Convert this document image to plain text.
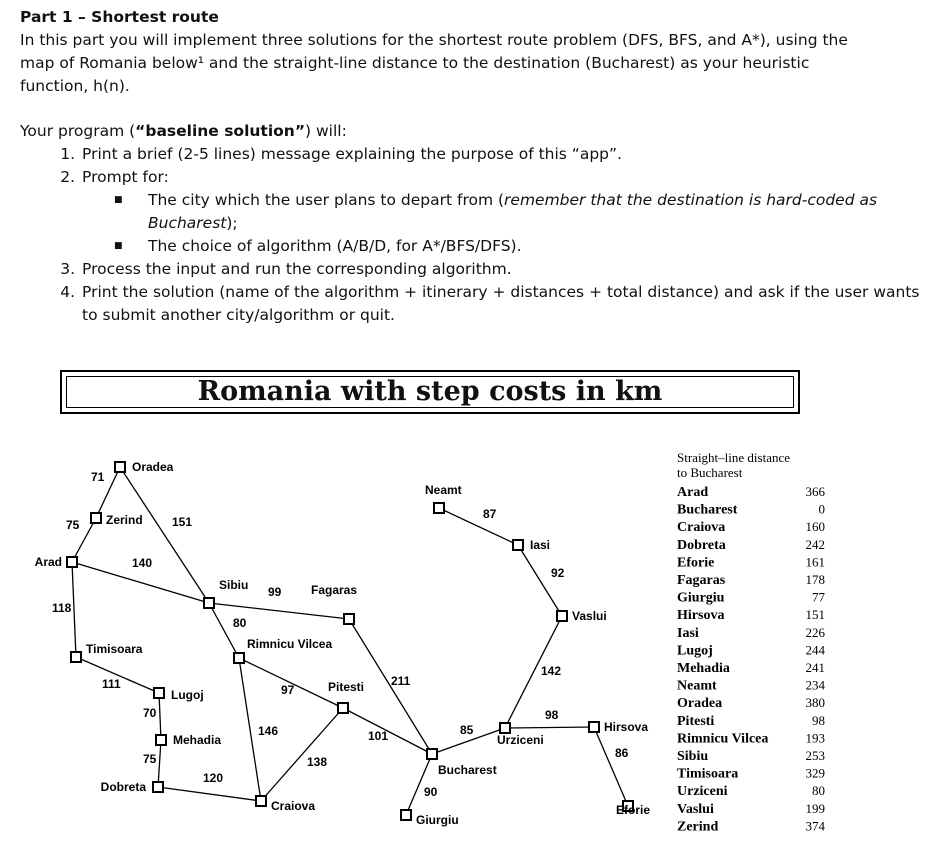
Part 1 – Shortest route

In this part you will implement three solutions for the shortest route problem (DFS, BFS, and A*), using the map of Romania below¹ and the straight-line distance to the destination (Bucharest) as your heuristic function, h(n).

Your program (“baseline solution”) will:

1. Print a brief (2-5 lines) message explaining the purpose of this “app”.
2. Prompt for:
■ The city which the user plans to depart from (remember that the destination is hard-coded as Bucharest);
■ The choice of algorithm (A/B/D, for A*/BFS/DFS).
3. Process the input and run the corresponding algorithm.
4. Print the solution (name of the algorithm + itinerary + distances + total distance) and ask if the user wants to submit another city/algorithm or quit.
Romania with step costs in km
75
71
151
140
118
111
70
75
120
99
80
97
146
138
211
101
90
85
98
86
142
92
87
Oradea
Zerind
Arad
Sibiu	Fagaras
Timisoara
Lugoj
Mehadia
Dobreta
Craiova
Rimnicu Vilcea
Pitesti
Bucharest
Giurgiu
Urziceni
Hirsova
Eforie
Vaslui
Iasi
Neamt
Straight–line distance
to Bucharest
Arad	366
Bucharest	0
Craiova	160
Dobreta	242
Eforie	161
Fagaras	178
Giurgiu	77
Hirsova	151
Iasi	226
Lugoj	244
Mehadia	241
Neamt	234
Oradea	380
Pitesti	98
Rimnicu Vilcea	193
Sibiu	253
Timisoara	329
Urziceni	80
Vaslui	199
Zerind	374
